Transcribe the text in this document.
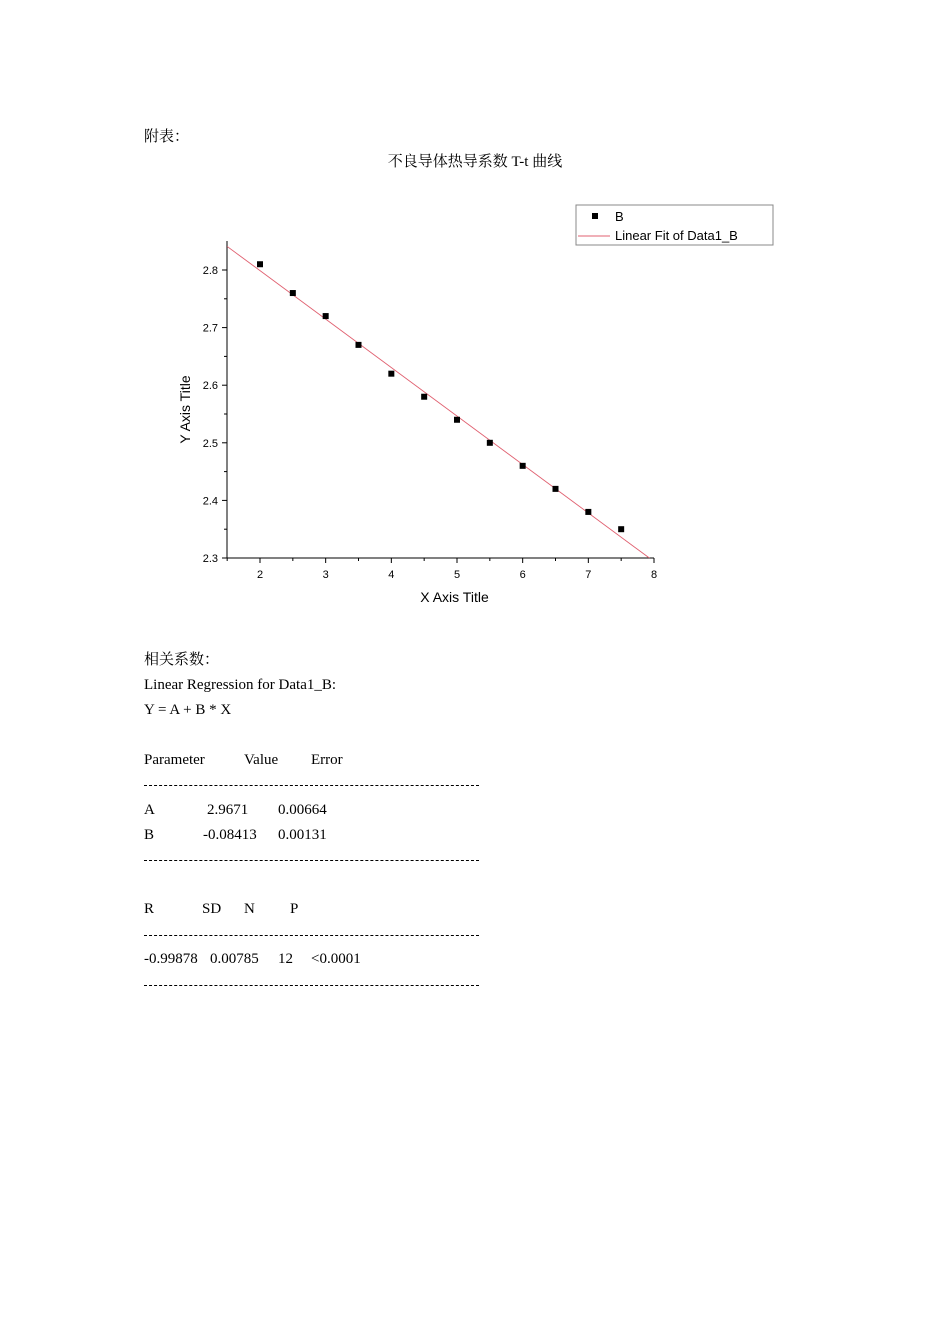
附表：
不良导体热导系数 T-t 曲线
2	3	4	5	6	7	8
2.3
2.4
2.5
2.6
2.7
2.8
X Axis Title
Y Axis Title
B
Linear Fit of Data1_B
相关系数：
Linear Regression for Data1_B:
Y = A + B * X
Parameter	Value Error
A	2.9671 0.00664
B	-0.08413 0.00131
R	SD N P
-0.99878 0.00785 12 <0.0001
